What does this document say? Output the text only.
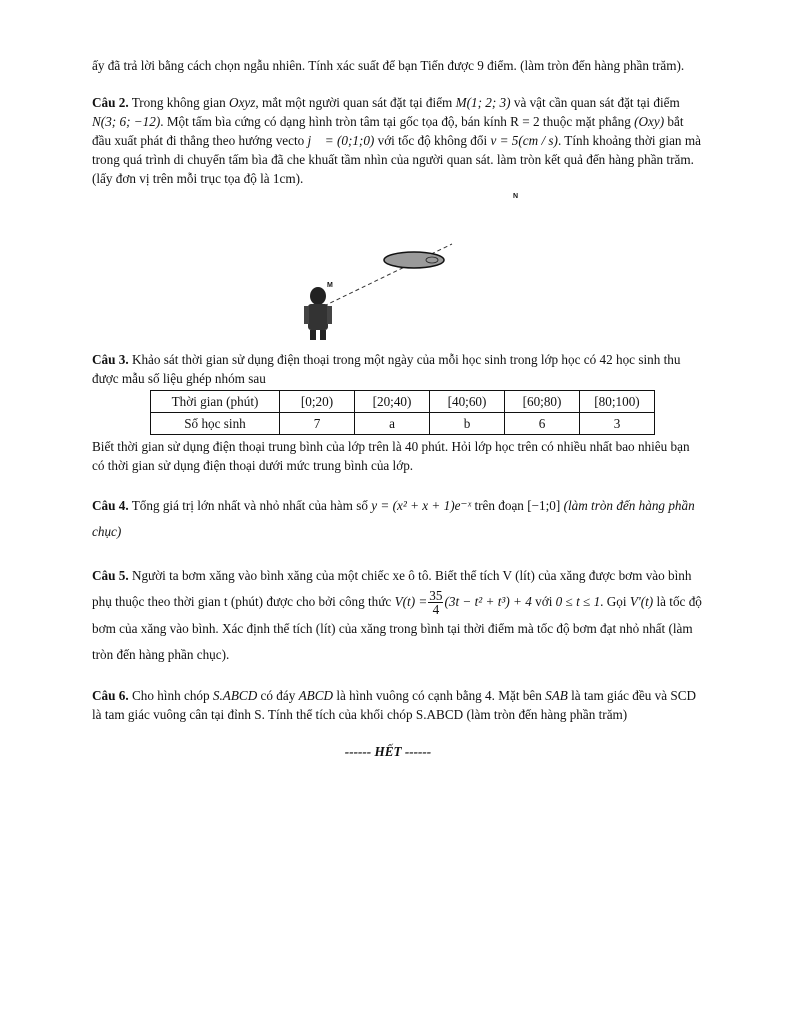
ấy đã trả lời bằng cách chọn ngẫu nhiên. Tính xác suất để bạn Tiến được 9 điểm. (làm tròn đến hàng phần trăm).

Câu 2. Trong không gian Oxyz, mắt một người quan sát đặt tại điểm M(1; 2; 3) và vật cần quan sát đặt tại điểm N(3; 6; −12). Một tấm bìa cứng có dạng hình tròn tâm tại gốc tọa độ, bán kính R = 2 thuộc mặt phẳng (Oxy) bắt đầu xuất phát đi thẳng theo hướng vecto j⃗ = (0;1;0) với tốc độ không đổi v = 5(cm / s). Tính khoảng thời gian mà trong quá trình di chuyển tấm bìa đã che khuất tầm nhìn của người quan sát. làm tròn kết quả đến hàng phần trăm. (lấy đơn vị trên mỗi trục tọa độ là 1cm).

M
N

Câu 3. Khảo sát thời gian sử dụng điện thoại trong một ngày của mỗi học sinh trong lớp học có 42 học sinh thu được mẫu số liệu ghép nhóm sau

Thời gian (phút)	[0;20)	[20;40)	[40;60)	[60;80)	[80;100)
Số học sinh	7	a	b	6	3

Biết thời gian sử dụng điện thoại trung bình của lớp trên là 40 phút. Hỏi lớp học trên có nhiều nhất bao nhiêu bạn có thời gian sử dụng điện thoại dưới mức trung bình của lớp.

Câu 4. Tổng giá trị lớn nhất và nhỏ nhất của hàm số y = (x² + x + 1)e⁻ˣ trên đoạn [−1;0] (làm tròn đến hàng phần chục)

Câu 5. Người ta bơm xăng vào bình xăng của một chiếc xe ô tô. Biết thể tích V (lít) của xăng được bơm vào bình phụ thuộc theo thời gian t (phút) được cho bởi công thức $V(t) = \frac{35}{4} (3t - t^2 + t^3) + 4$ với 0 ≤ t ≤ 1. Gọi V'(t) là tốc độ bơm của xăng vào bình. Xác định thể tích (lít) của xăng trong bình tại thời điểm mà tốc độ bơm đạt nhỏ nhất (làm tròn đến hàng phần chục).

Câu 6. Cho hình chóp S.ABCD có đáy ABCD là hình vuông có cạnh bằng 4. Mặt bên SAB là tam giác đều và SCD là tam giác vuông cân tại đỉnh S. Tính thể tích của khối chóp S.ABCD (làm tròn đến hàng phần trăm)

------ HẾT ------
